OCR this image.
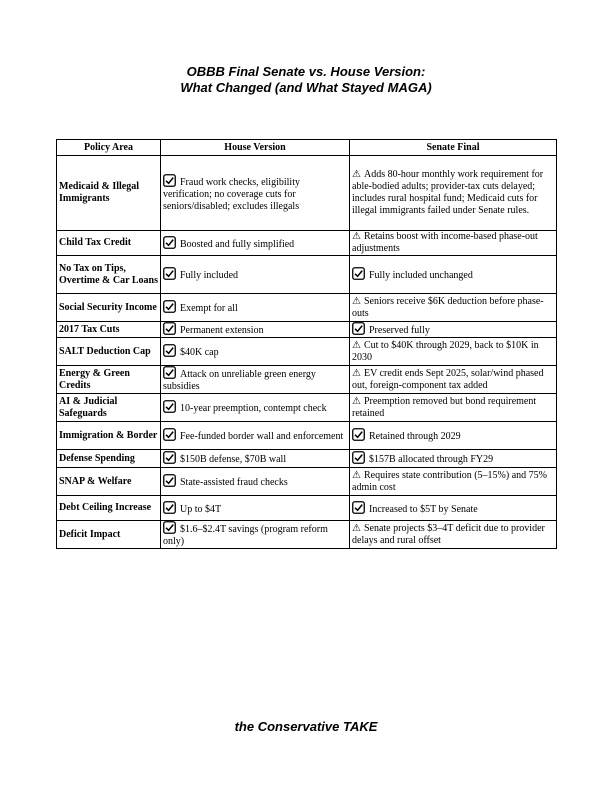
OBBB Final Senate vs. House Version:
What Changed (and What Stayed MAGA)
Policy Area	House Version	Senate Final
Medicaid & Illegal Immigrants	Fraud work checks, eligibility verification; no coverage cuts for seniors/disabled; excludes illegals	⚠ Adds 80-hour monthly work requirement for able-bodied adults; provider-tax cuts delayed; includes rural hospital fund; Medicaid cuts for illegal immigrants failed under Senate rules.
Child Tax Credit	Boosted and fully simplified	⚠ Retains boost with income-based phase-out adjustments
No Tax on Tips, Overtime & Car Loans	Fully included	Fully included unchanged
Social Security Income	Exempt for all	⚠ Seniors receive $6K deduction before phase-outs
2017 Tax Cuts	Permanent extension	Preserved fully
SALT Deduction Cap	$40K cap	⚠ Cut to $40K through 2029, back to $10K in 2030
Energy & Green Credits	Attack on unreliable green energy subsidies	⚠ EV credit ends Sept 2025, solar/wind phased out, foreign-component tax added
AI & Judicial Safeguards	10-year preemption, contempt check	⚠ Preemption removed but bond requirement retained
Immigration & Border	Fee-funded border wall and enforcement	Retained through 2029
Defense Spending	$150B defense, $70B wall	$157B allocated through FY29
SNAP & Welfare	State-assisted fraud checks	⚠ Requires state contribution (5–15%) and 75% admin cost
Debt Ceiling Increase	Up to $4T	Increased to $5T by Senate
Deficit Impact	$1.6–$2.4T savings (program reform only)	⚠ Senate projects $3–4T deficit due to provider delays and rural offset
the Conservative TAKE
